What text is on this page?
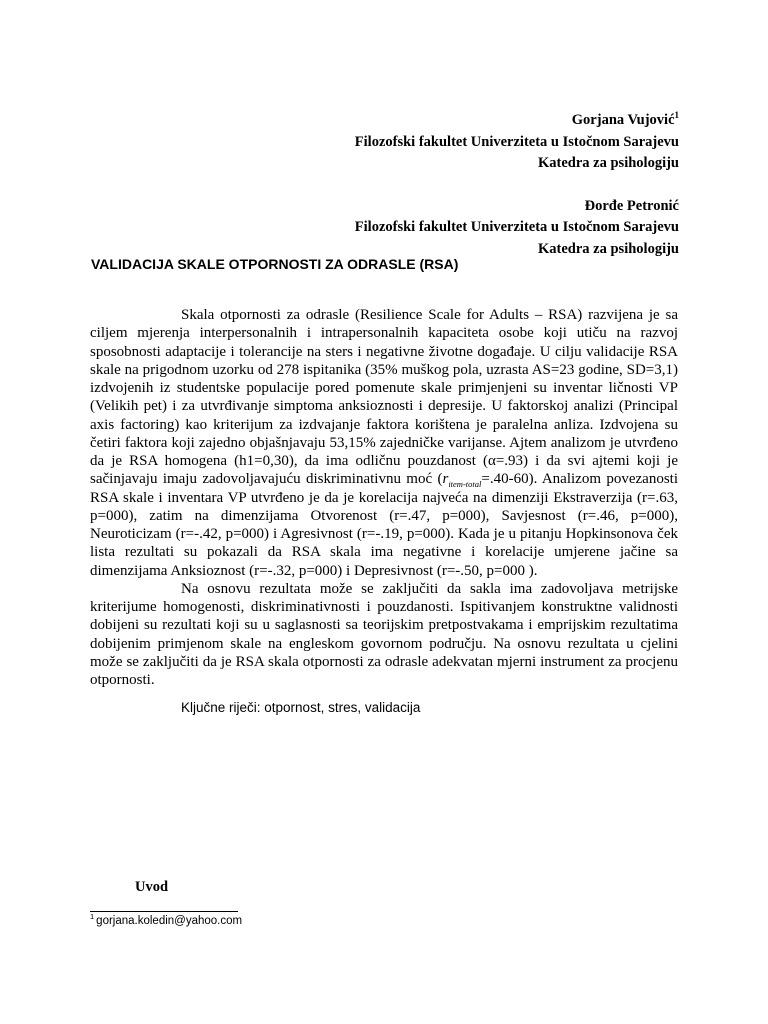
Gorjana Vujović$^1$
Filozofski fakultet Univerziteta u Istočnom Sarajevu
Katedra za psihologiju
Đorđe Petronić
Filozofski fakultet Univerziteta u Istočnom Sarajevu
Katedra za psihologiju
VALIDACIJA SKALE OTPORNOSTI ZA ODRASLE (RSA)

Skala otpornosti za odrasle (Resilience Scale for Adults – RSA) razvijena je sa ciljem mjerenja interpersonalnih i intrapersonalnih kapaciteta osobe koji utiču na razvoj sposobnosti adaptacije i tolerancije na sters i negativne životne događaje. U cilju validacije RSA skale na prigodnom uzorku od 278 ispitanika (35% muškog pola, uzrasta AS=23 godine, SD=3,1) izdvojenih iz studentske populacije pored pomenute skale primjenjeni su inventar ličnosti VP (Velikih pet) i za utvrđivanje simptoma anksioznosti i depresije. U faktorskoj analizi (Principal axis factoring) kao kriterijum za izdvajanje faktora korištena je paralelna anliza. Izdvojena su četiri faktora koji zajedno objašnjavaju 53,15% zajedničke varijanse. Ajtem analizom je utvrđeno da je RSA homogena (h1=0,30), da ima odličnu pouzdanost (α=.93) i da svi ajtemi koji je sačinjavaju imaju zadovoljavajuću diskriminativnu moć $(r_{item-total}=.40-60)$. Analizom povezanosti RSA skale i inventara VP utvrđeno je da je korelacija najveća na dimenziji Ekstraverzija (r=.63, p=000), zatim na dimenzijama Otvorenost (r=.47, p=000), Savjesnost (r=.46, p=000), Neuroticizam (r=-.42, p=000) i Agresivnost (r=-.19, p=000). Kada je u pitanju Hopkinsonova ček lista rezultati su pokazali da RSA skala ima negativne i korelacije umjerene jačine sa dimenzijama Anksioznost (r=-.32, p=000) i Depresivnost (r=-.50, p=000 ).

Na osnovu rezultata može se zaključiti da sakla ima zadovoljava metrijske kriterijume homogenosti, diskriminativnosti i pouzdanosti. Ispitivanjem konstruktne validnosti dobijeni su rezultati koji su u saglasnosti sa teorijskim pretpostvakama i emprijskim rezultatima dobijenim primjenom skale na engleskom govornom području. Na osnovu rezultata u cjelini može se zaključiti da je RSA skala otpornosti za odrasle adekvatan mjerni instrument za procjenu otpornosti.

Ključne riječi: otpornost, stres, validacija

Uvod

$^1$ gorjana.koledin@yahoo.com
